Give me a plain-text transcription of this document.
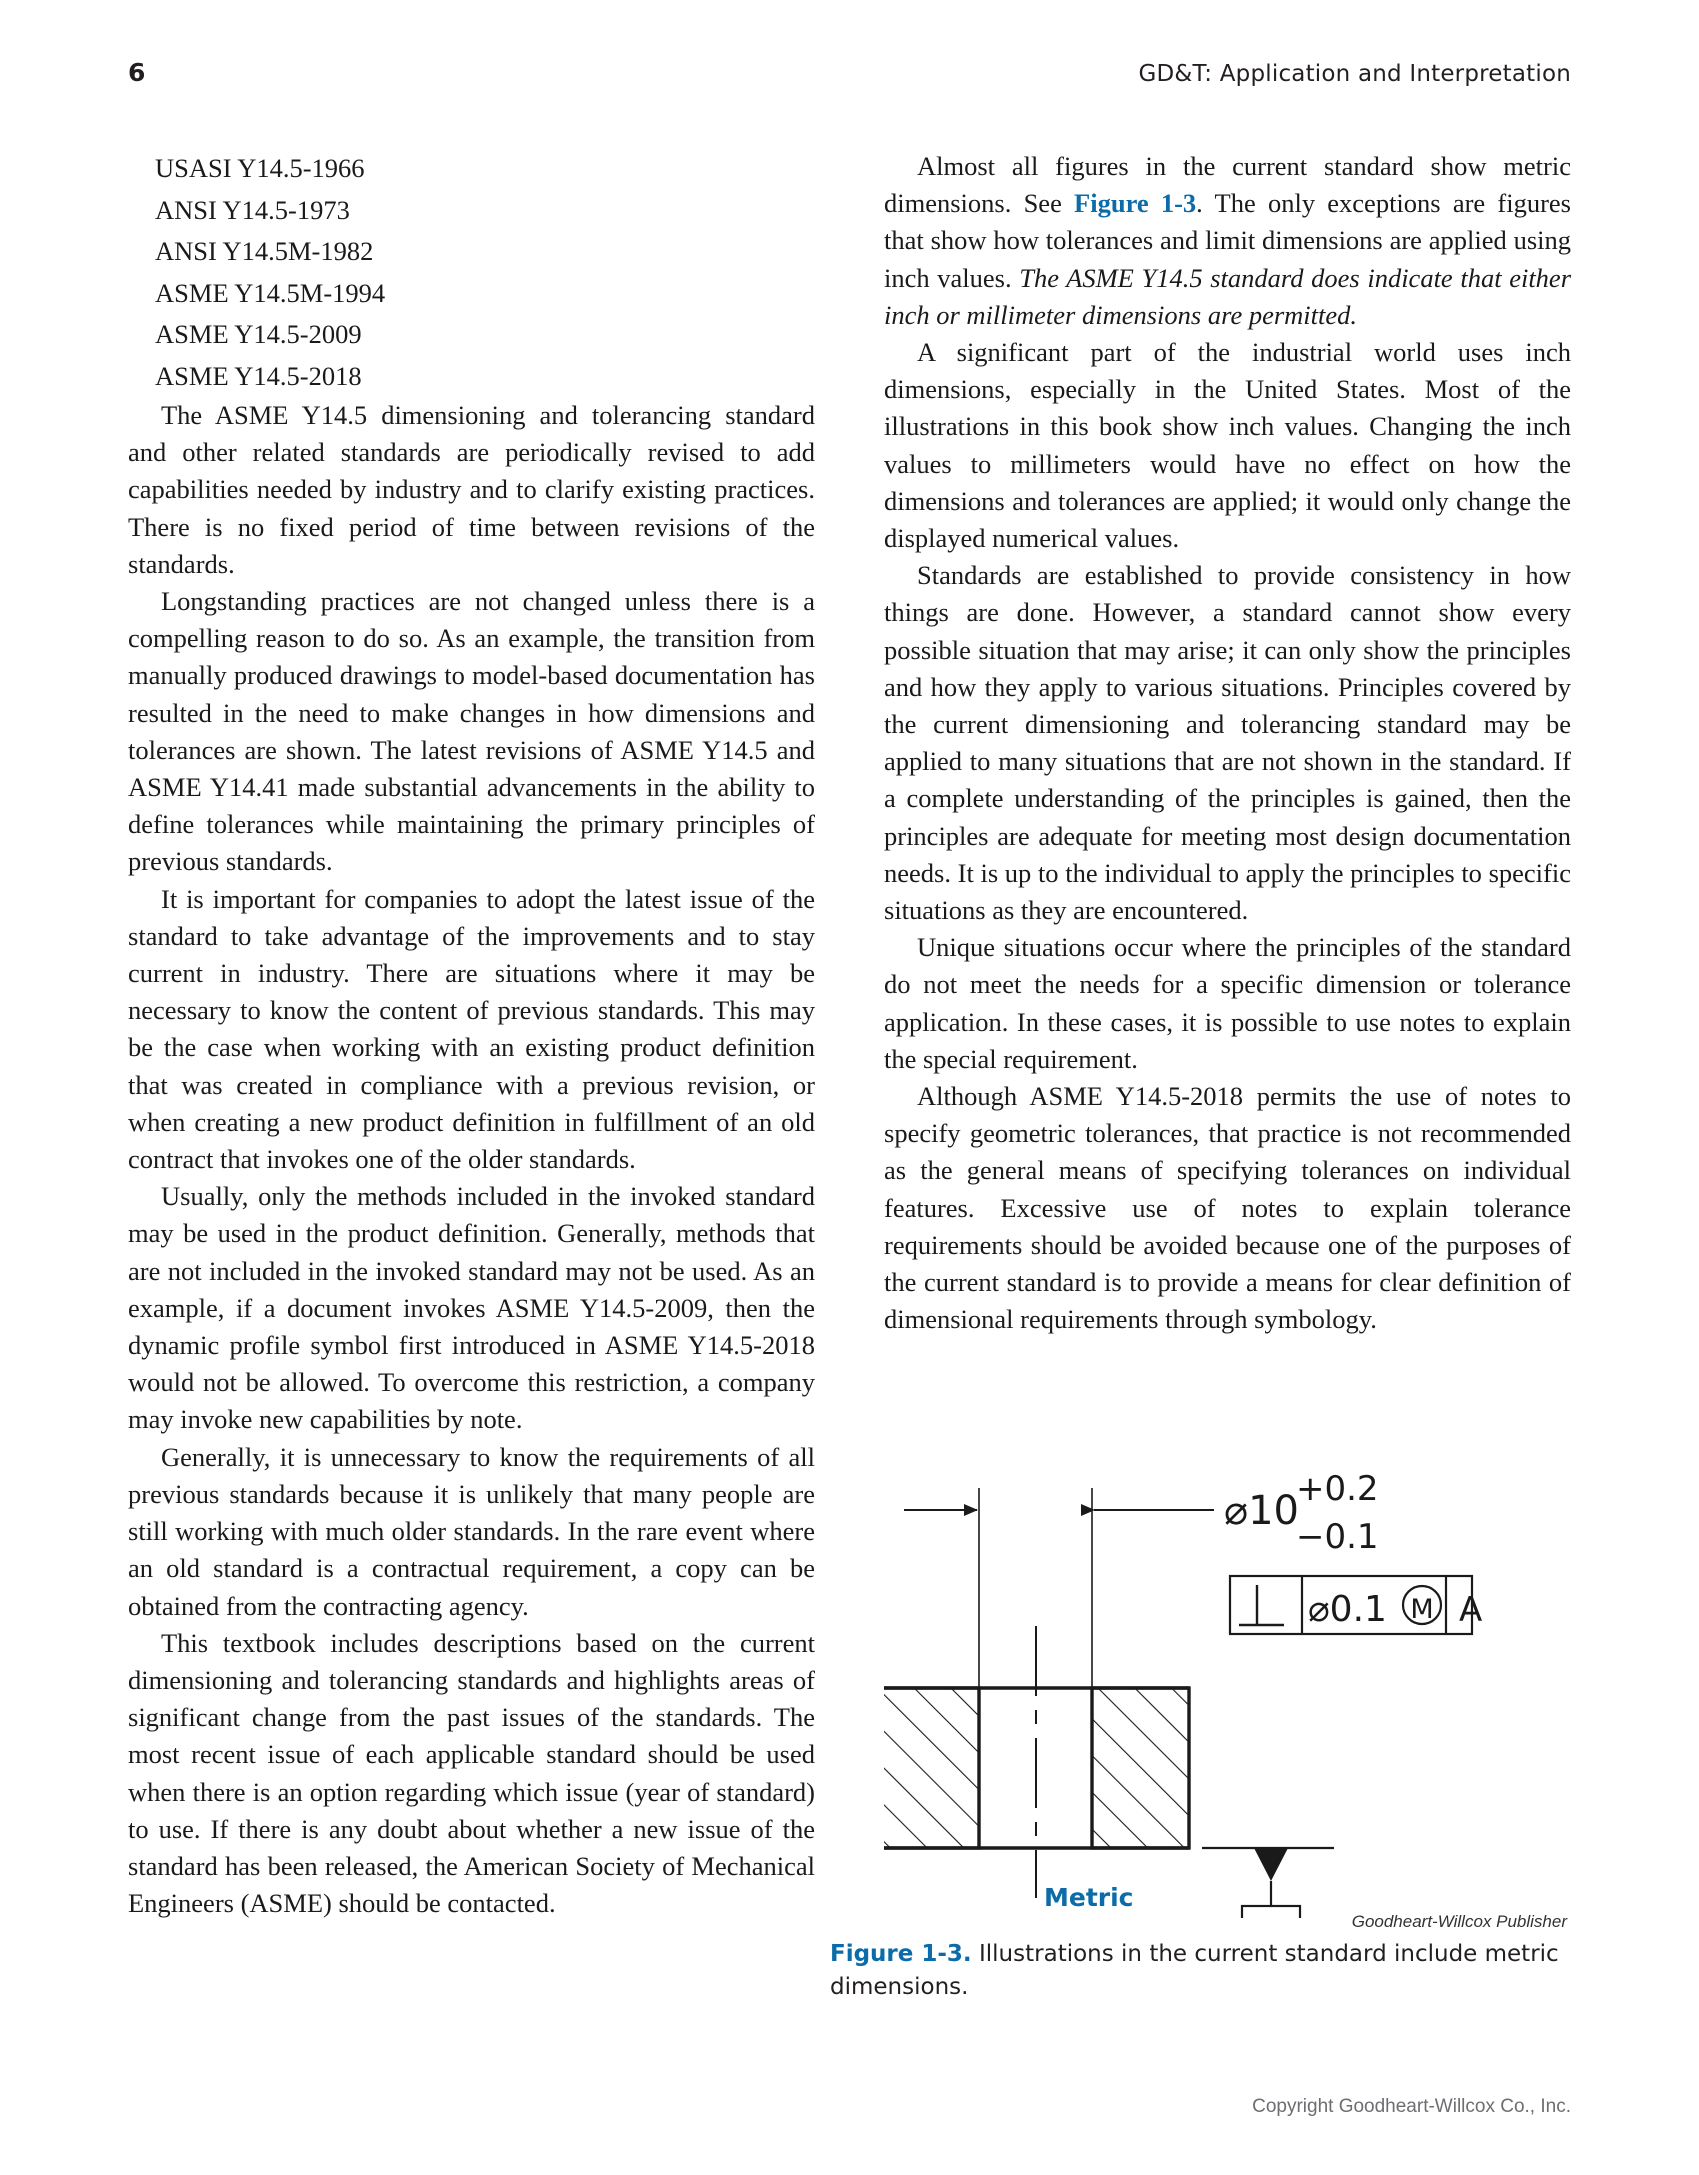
6	GD&T: Application and Interpretation
USASI Y14.5-1966
ANSI Y14.5-1973
ANSI Y14.5M-1982
ASME Y14.5M-1994
ASME Y14.5-2009
ASME Y14.5-2018

The ASME Y14.5 dimensioning and tolerancing standard and other related standards are periodically revised to add capabilities needed by industry and to clarify existing practices. There is no fixed period of time between revisions of the standards.

Longstanding practices are not changed unless there is a compelling reason to do so. As an example, the transition from manually produced drawings to model-based documentation has resulted in the need to make changes in how dimensions and tolerances are shown. The latest revisions of ASME Y14.5 and ASME Y14.41 made substantial advancements in the ability to define tolerances while maintaining the primary principles of previous standards.

It is important for companies to adopt the latest issue of the standard to take advantage of the improvements and to stay current in industry. There are situations where it may be necessary to know the content of previous standards. This may be the case when working with an existing product definition that was created in compliance with a previous revision, or when creating a new product definition in fulfillment of an old contract that invokes one of the older standards.

Usually, only the methods included in the invoked standard may be used in the product definition. Generally, methods that are not included in the invoked standard may not be used. As an example, if a document invokes ASME Y14.5-2009, then the dynamic profile symbol first introduced in ASME Y14.5-2018 would not be allowed. To overcome this restriction, a company may invoke new capabilities by note.

Generally, it is unnecessary to know the requirements of all previous standards because it is unlikely that many people are still working with much older standards. In the rare event where an old standard is a contractual requirement, a copy can be obtained from the contracting agency.

This textbook includes descriptions based on the current dimensioning and tolerancing standards and highlights areas of significant change from the past issues of the standards. The most recent issue of each applicable standard should be used when there is an option regarding which issue (year of standard) to use. If there is any doubt about whether a new issue of the standard has been released, the American Society of Mechanical Engineers (ASME) should be contacted.

Almost all figures in the current standard show metric dimensions. See Figure 1-3. The only exceptions are figures that show how tolerances and limit dimensions are applied using inch values. The ASME Y14.5 standard does indicate that either inch or millimeter dimensions are permitted.

A significant part of the industrial world uses inch dimensions, especially in the United States. Most of the illustrations in this book show inch values. Changing the inch values to millimeters would have no effect on how the dimensions and tolerances are applied; it would only change the displayed numerical values.

Standards are established to provide consistency in how things are done. However, a standard cannot show every possible situation that may arise; it can only show the principles and how they apply to various situations. Principles covered by the current dimensioning and tolerancing standard may be applied to many situations that are not shown in the standard. If a complete understanding of the principles is gained, then the principles are adequate for meeting most design documentation needs. It is up to the individual to apply the principles to specific situations as they are encountered.

Unique situations occur where the principles of the standard do not meet the needs for a specific dimension or tolerance application. In these cases, it is possible to use notes to explain the special requirement.

Although ASME Y14.5-2018 permits the use of notes to specify geometric tolerances, that practice is not recommended as the general means of specifying tolerances on individual features. Excessive use of notes to explain tolerance requirements should be avoided because one of the purposes of the current standard is to provide a means for clear definition of dimensional requirements through symbology.

⌀10
+0.2
−0.1
⌀0.1 M A
Metric
Goodheart-Willcox Publisher
Figure 1-3. Illustrations in the current standard include metric dimensions.
Copyright Goodheart-Willcox Co., Inc.
